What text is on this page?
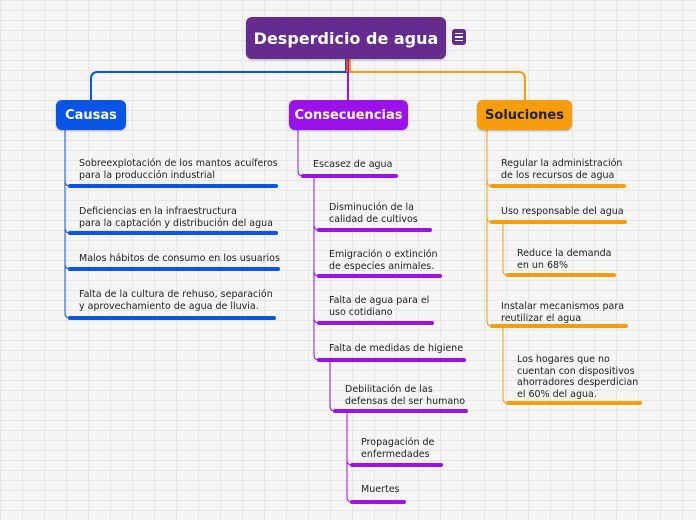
Desperdicio de agua
Causas	Consecuencias	Soluciones
Sobreexplotación de los mantos acuíferos
para la producción industrial
Deficiencias en la infraestructura
para la captación y distribución del agua
Malos hábitos de consumo en los usuarios
Falta de la cultura de rehuso, separación
y aprovechamiento de agua de lluvia.
Escasez de agua
Disminución de la
calidad de cultivos
Emigración o extinción
de especies animales.
Falta de agua para el
uso cotidiano
Falta de medidas de higiene
Debilitación de las
defensas del ser humano
Propagación de
enfermedades
Muertes
Regular la administración
de los recursos de agua
Uso responsable del agua
Reduce la demanda
en un 68%
Instalar mecanismos para
reutilizar el agua
Los hogares que no
cuentan con dispositivos
ahorradores desperdician
el 60% del agua.
